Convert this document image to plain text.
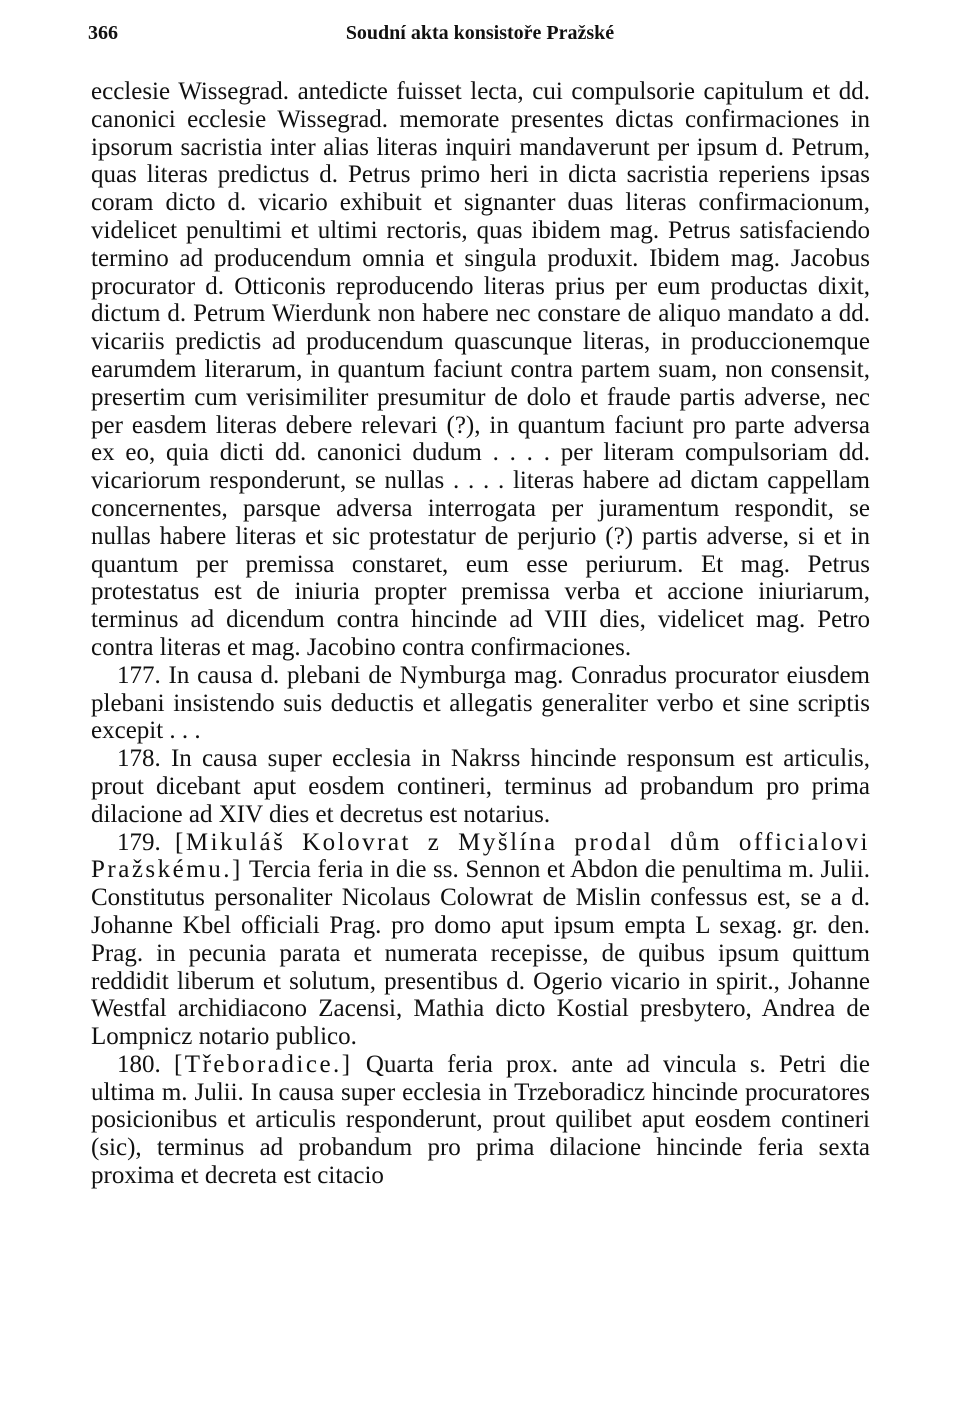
366	Soudní akta konsistoře Pražské

ecclesie Wissegrad. antedicte fuisset lecta, cui compulsorie capitulum et dd. canonici ecclesie Wissegrad. memorate presentes dictas confirmaciones in ipsorum sacristia inter alias literas inquiri mandaverunt per ipsum d. Petrum, quas literas predictus d. Petrus primo heri in dicta sacristia reperiens ipsas coram dicto d. vicario exhibuit et signanter duas literas confirmacionum, videlicet penultimi et ultimi rectoris, quas ibidem mag. Petrus satisfaciendo termino ad producendum omnia et singula produxit. Ibidem mag. Jacobus procurator d. Otticonis reproducendo literas prius per eum productas dixit, dictum d. Petrum Wierdunk non habere nec constare de aliquo mandato a dd. vicariis predictis ad producendum quascunque literas, in produccionemque earumdem literarum, in quantum faciunt contra partem suam, non consensit, presertim cum verisimiliter presumitur de dolo et fraude partis adverse, nec per easdem literas debere relevari (?), in quantum faciunt pro parte adversa ex eo, quia dicti dd. canonici dudum . . . . per literam compulsoriam dd. vicariorum responderunt, se nullas . . . . literas habere ad dictam cappellam concernentes, parsque adversa interrogata per juramentum respondit, se nullas habere literas et sic protestatur de perjurio (?) partis adverse, si et in quantum per premissa constaret, eum esse periurum. Et mag. Petrus protestatus est de iniuria propter premissa verba et accione iniuriarum, terminus ad dicendum contra hincinde ad VIII dies, videlicet mag. Petro contra literas et mag. Jacobino contra confirmaciones.

177. In causa d. plebani de Nymburga mag. Conradus procurator eiusdem plebani insistendo suis deductis et allegatis generaliter verbo et sine scriptis excepit . . .

178. In causa super ecclesia in Nakrss hincinde responsum est articulis, prout dicebant aput eosdem contineri, terminus ad probandum pro prima dilacione ad XIV dies et decretus est notarius.

179. [Mikuláš Kolovrat z Myšlína prodal dům officialovi Pražskému.] Tercia feria in die ss. Sennon et Abdon die penultima m. Julii. Constitutus personaliter Nicolaus Colowrat de Mislin confessus est, se a d. Johanne Kbel officiali Prag. pro domo aput ipsum empta L sexag. gr. den. Prag. in pecunia parata et numerata recepisse, de quibus ipsum quittum reddidit liberum et solutum, presentibus d. Ogerio vicario in spirit., Johanne Westfal archidiacono Zacensi, Mathia dicto Kostial presbytero, Andrea de Lompnicz notario publico.

180. [Třeboradice.] Quarta feria prox. ante ad vincula s. Petri die ultima m. Julii. In causa super ecclesia in Trzeboradicz hincinde procuratores posicionibus et articulis responderunt, prout quilibet aput eosdem contineri (sic), terminus ad probandum pro prima dilacione hincinde feria sexta proxima et decreta est citacio
